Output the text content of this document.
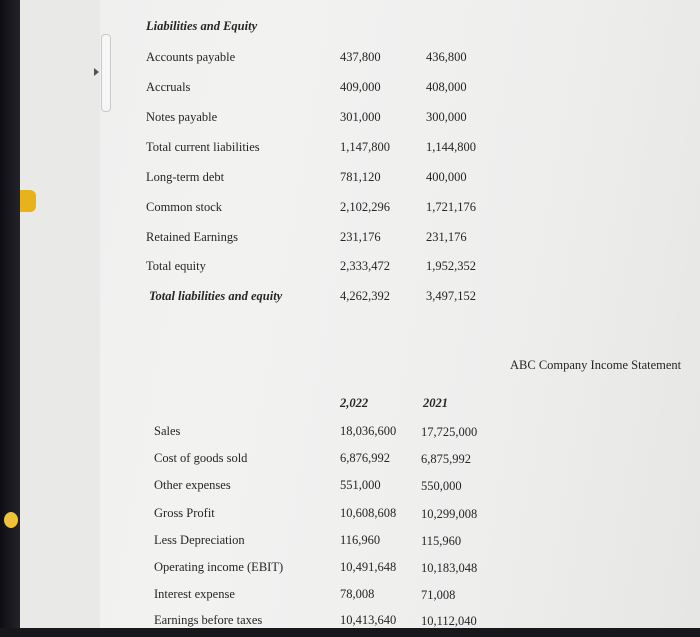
Liabilities and Equity
Accounts payable	437,800	436,800
Accruals	409,000	408,000
Notes payable	301,000	300,000
Total current liabilities	1,147,800	1,144,800
Long-term debt	781,120	400,000
Common stock	2,102,296	1,721,176
Retained Earnings	231,176	231,176
Total equity	2,333,472	1,952,352
Total liabilities and equity	4,262,392	3,497,152
ABC Company Income Statement
2,022	2021
Sales	18,036,600 17,725,000
Cost of goods sold	6,876,992 6,875,992
Other expenses	551,000	550,000
Gross Profit	10,608,608 10,299,008
Less Depreciation	116,960	115,960
Operating income (EBIT)	10,491,648 10,183,048
Interest expense	78,008	71,008
Earnings before taxes	10,413,640 10,112,040
